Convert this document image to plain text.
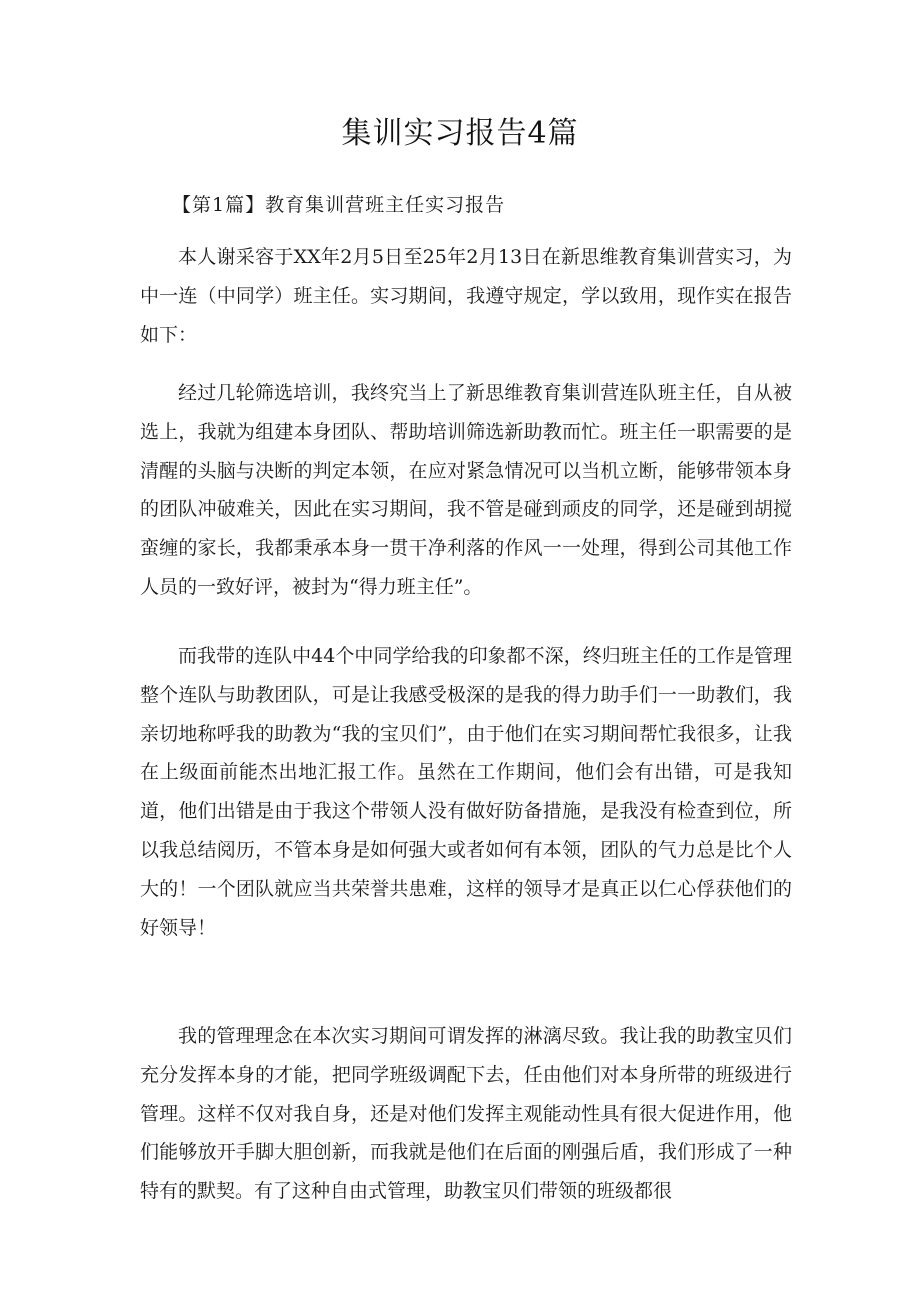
集训实习报告4篇
【第1篇】教育集训营班主任实习报告

本人谢采容于XX年2月5日至25年2月13日在新思维教育集训营实习，为中一连（中同学）班主任。实习期间，我遵守规定，学以致用，现作实在报告如下：

经过几轮筛选培训，我终究当上了新思维教育集训营连队班主任，自从被选上，我就为组建本身团队、帮助培训筛选新助教而忙。班主任一职需要的是清醒的头脑与决断的判定本领，在应对紧急情况可以当机立断，能够带领本身的团队冲破难关，因此在实习期间，我不管是碰到顽皮的同学，还是碰到胡搅蛮缠的家长，我都秉承本身一贯干净利落的作风一一处理，得到公司其他工作人员的一致好评，被封为“得力班主任”。

而我带的连队中44个中同学给我的印象都不深，终归班主任的工作是管理整个连队与助教团队，可是让我感受极深的是我的得力助手们一一助教们，我亲切地称呼我的助教为“我的宝贝们”，由于他们在实习期间帮忙我很多，让我在上级面前能杰出地汇报工作。虽然在工作期间，他们会有出错，可是我知道，他们出错是由于我这个带领人没有做好防备措施，是我没有检查到位，所以我总结阅历，不管本身是如何强大或者如何有本领，团队的气力总是比个人大的！一个团队就应当共荣誉共患难，这样的领导才是真正以仁心俘获他们的好领导！

我的管理理念在本次实习期间可谓发挥的淋漓尽致。我让我的助教宝贝们充分发挥本身的才能，把同学班级调配下去，任由他们对本身所带的班级进行管理。这样不仅对我自身，还是对他们发挥主观能动性具有很大促进作用，他们能够放开手脚大胆创新，而我就是他们在后面的刚强后盾，我们形成了一种特有的默契。有了这种自由式管理，助教宝贝们带领的班级都很
